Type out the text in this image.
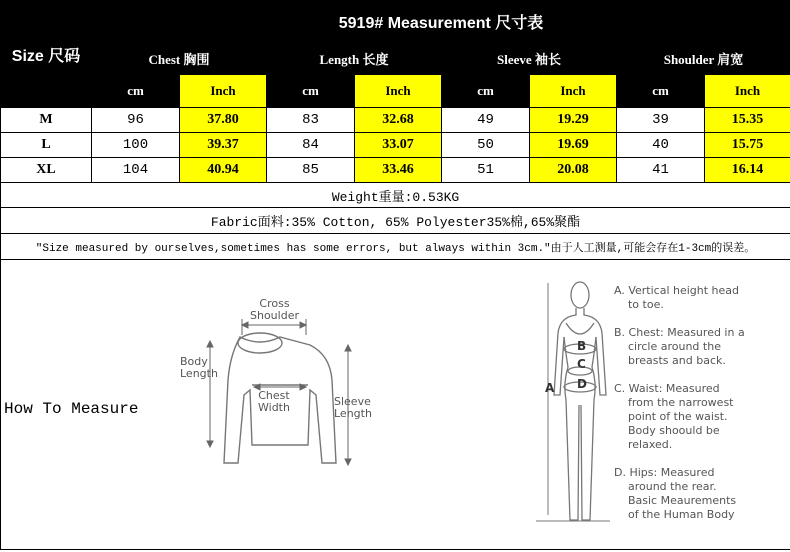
Size 尺码	5919# Measurement 尺寸表							
	Chest 胸围		Length 长度		Sleeve 袖长		Shoulder 肩宽	
	cm	Inch	cm	Inch	cm	Inch	cm	Inch
M	96	37.80	83	32.68	49	19.29	39	15.35
L	100	39.37	84	33.07	50	19.69	40	15.75
XL	104	40.94	85	33.46	51	20.08	41	16.14
Weight重量:0.53KG								
Fabric面料:35% Cotton, 65% Polyester35%棉,65%聚酯								
"Size measured by ourselves,sometimes has some errors, but always within 3cm."由于人工测量,可能会存在1-3cm的误差。								

How To Measure
Cross
Shoulder
Body
Length
Chest
Width	Sleeve
Length
A
B
C
D
A. Vertical height head
to toe.
B. Chest: Measured in a
circle around the
breasts and back.
C. Waist: Measured
from the narrowest
point of the waist.
Body shoould be
relaxed.
D. Hips: Measured
around the rear.
Basic Meaurements
of the Human Body
